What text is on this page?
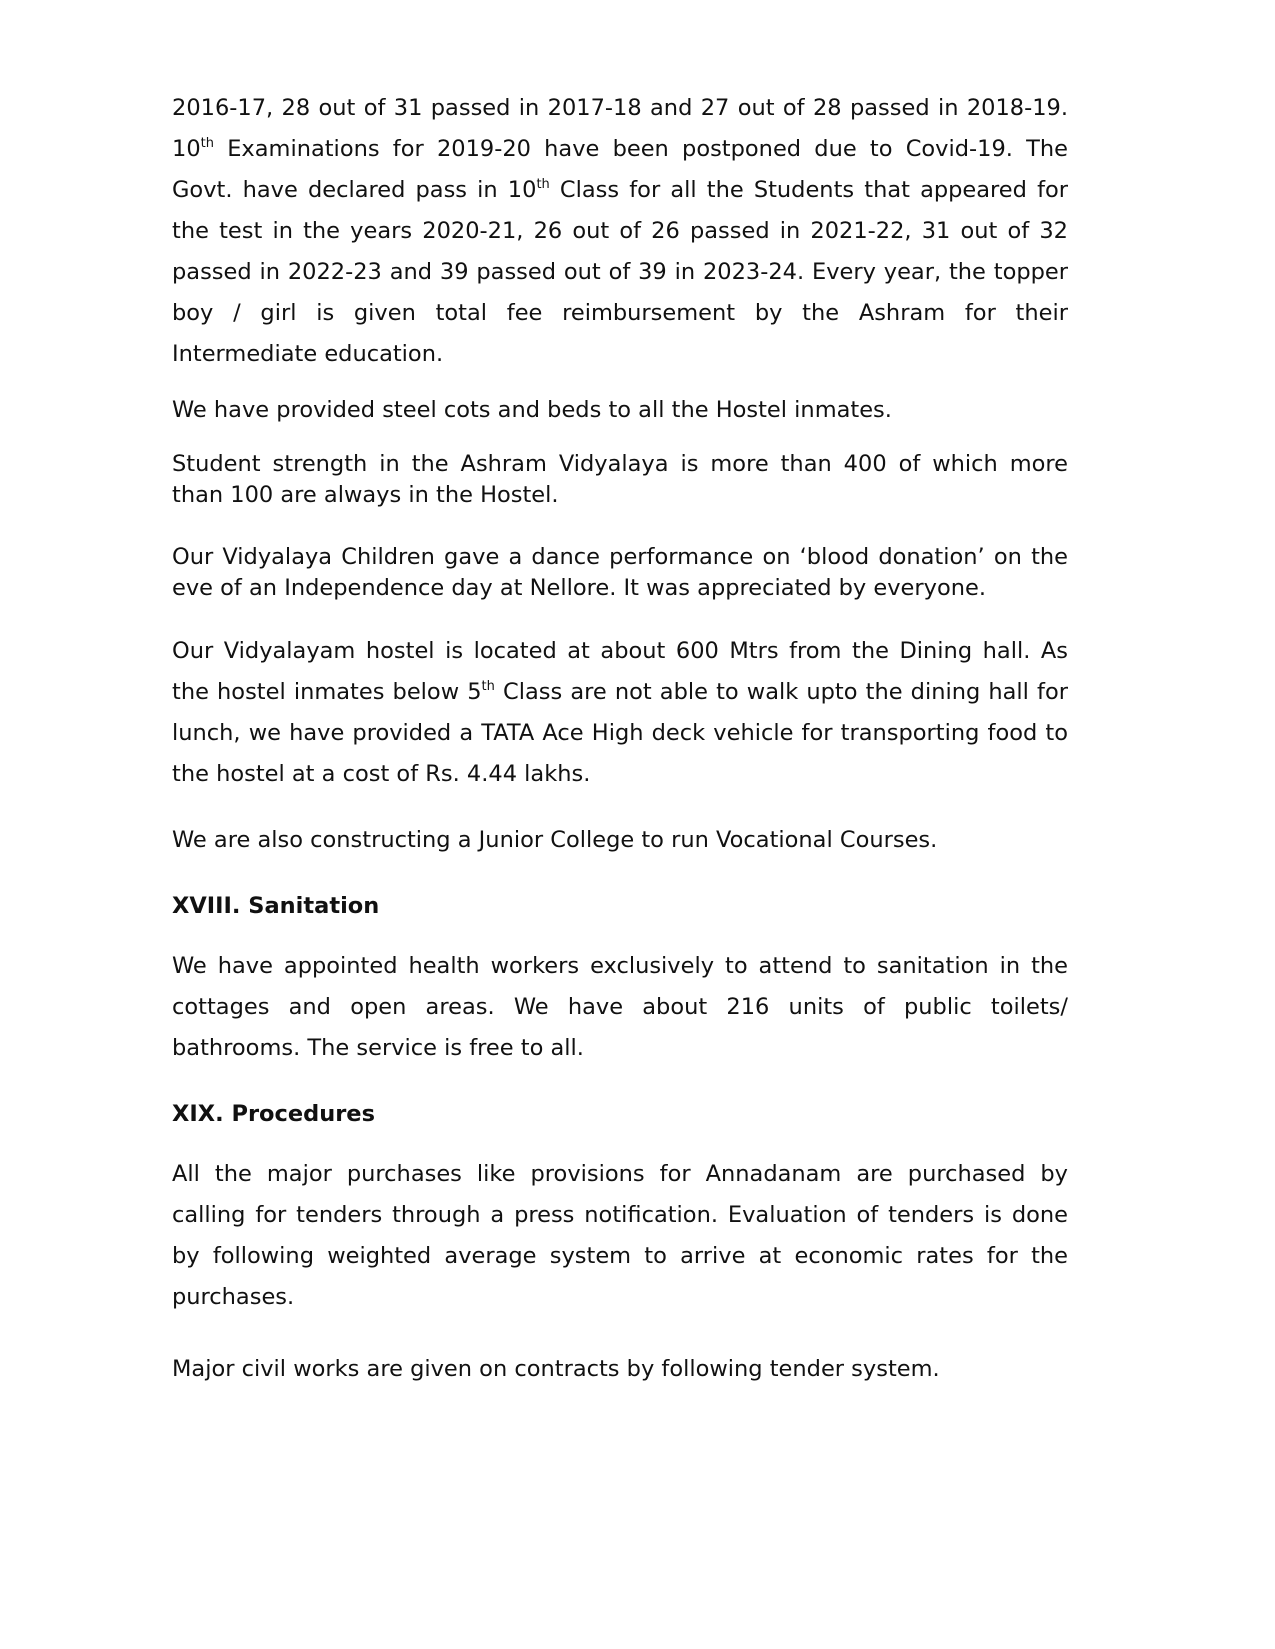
2016-17, 28 out of 31 passed in 2017-18 and 27 out of 28 passed in 2018-19. 10th Examinations for 2019-20 have been postponed due to Covid-19. The Govt. have declared pass in 10th Class for all the Students that appeared for the test in the years 2020-21, 26 out of 26 passed in 2021-22, 31 out of 32 passed in 2022-23 and 39 passed out of 39 in 2023-24. Every year, the topper boy / girl is given total fee reimbursement by the Ashram for their Intermediate education.

We have provided steel cots and beds to all the Hostel inmates.

Student strength in the Ashram Vidyalaya is more than 400 of which more than 100 are always in the Hostel.

Our Vidyalaya Children gave a dance performance on ‘blood donation’ on the eve of an Independence day at Nellore. It was appreciated by everyone.

Our Vidyalayam hostel is located at about 600 Mtrs from the Dining hall. As the hostel inmates below 5th Class are not able to walk upto the dining hall for lunch, we have provided a TATA Ace High deck vehicle for transporting food to the hostel at a cost of Rs. 4.44 lakhs.

We are also constructing a Junior College to run Vocational Courses.

XVIII. Sanitation

We have appointed health workers exclusively to attend to sanitation in the cottages and open areas. We have about 216 units of public toilets/ bathrooms. The service is free to all.

XIX. Procedures

All the major purchases like provisions for Annadanam are purchased by calling for tenders through a press notification. Evaluation of tenders is done by following weighted average system to arrive at economic rates for the purchases.

Major civil works are given on contracts by following tender system.
